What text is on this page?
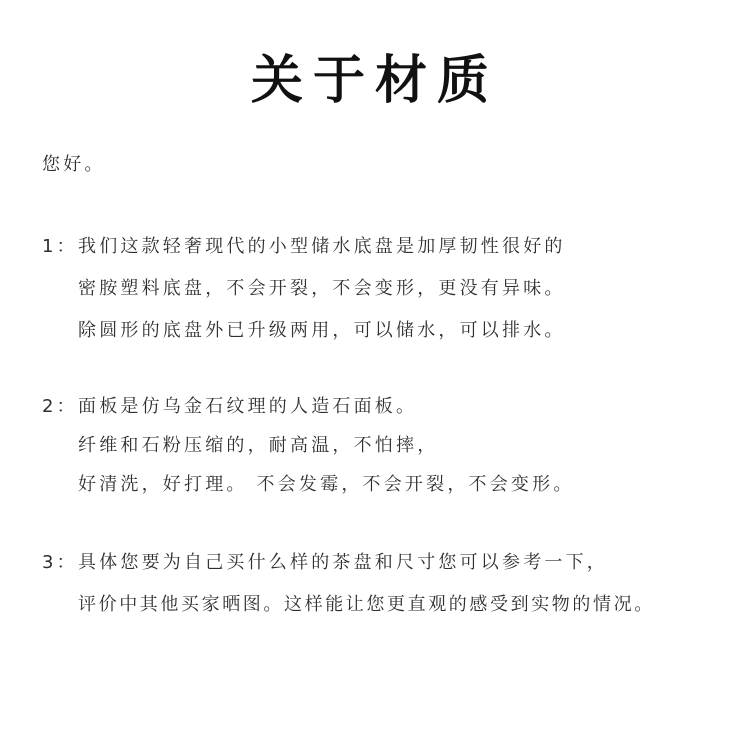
关于材质
您好。
1： 我们这款轻奢现代的小型储水底盘是加厚韧性很好的
密胺塑料底盘，不会开裂，不会变形，更没有异味。
除圆形的底盘外已升级两用，可以储水，可以排水。
2： 面板是仿乌金石纹理的人造石面板。
纤维和石粉压缩的，耐高温，不怕摔，
好清洗，好打理。 不会发霉，不会开裂，不会变形。
3： 具体您要为自己买什么样的茶盘和尺寸您可以参考一下，
评价中其他买家晒图。这样能让您更直观的感受到实物的情况。
